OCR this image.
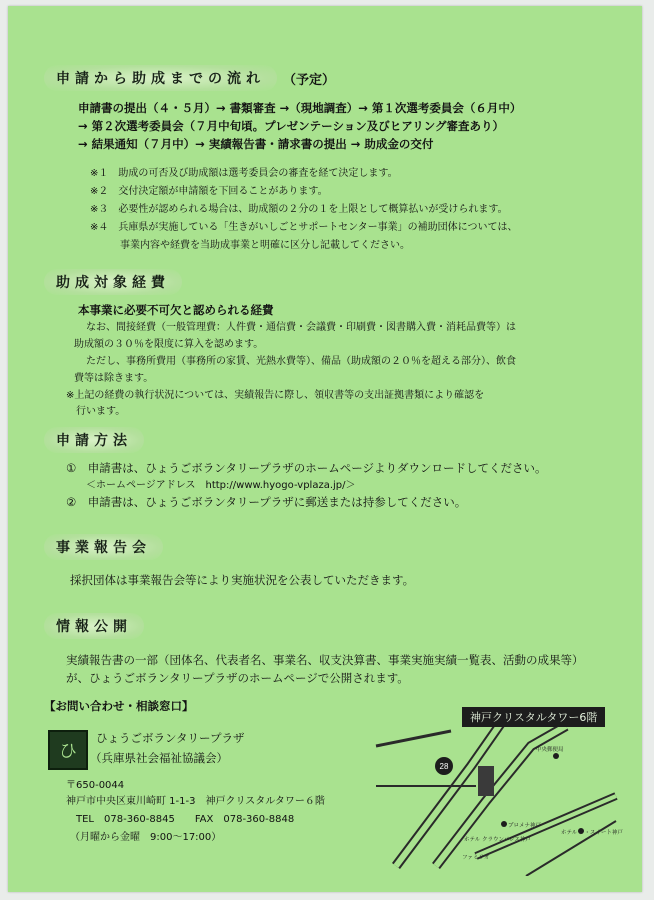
申請から助成までの流れ	（予定）
申請書の提出（４・５月）→ 書類審査 →（現地調査）→ 第１次選考委員会（６月中）
→ 第２次選考委員会（７月中旬頃。プレゼンテーション及びヒアリング審査あり）
→ 結果通知（７月中）→ 実績報告書・請求書の提出 → 助成金の交付
※１　助成の可否及び助成額は選考委員会の審査を経て決定します。
※２　交付決定額が申請額を下回ることがあります。
※３　必要性が認められる場合は、助成額の２分の１を上限として概算払いが受けられます。
※４　兵庫県が実施している「生きがいしごとサポートセンター事業」の補助団体については、
　　　事業内容や経費を当助成事業と明確に区分し記載してください。
助成対象経費
本事業に必要不可欠と認められる経費
なお、間接経費（一般管理費：人件費・通信費・会議費・印刷費・図書購入費・消耗品費等）は
助成額の３０％を限度に算入を認めます。
ただし、事務所費用（事務所の家賃、光熱水費等）、備品（助成額の２０％を超える部分）、飲食
費等は除きます。
※上記の経費の執行状況については、実績報告に際し、領収書等の支出証拠書類により確認を
　行います。
申請方法
①　申請書は、ひょうごボランタリープラザのホームページよりダウンロードしてください。
　　＜ホームページアドレス　http://www.hyogo-vplaza.jp/＞
②　申請書は、ひょうごボランタリープラザに郵送または持参してください。
事業報告会
採択団体は事業報告会等により実施状況を公表していただきます。
情報公開
実績報告書の一部（団体名、代表者名、事業名、収支決算書、事業実施実績一覧表、活動の成果等）
が、ひょうごボランタリープラザのホームページで公開されます。
【お問い合わせ・相談窓口】
ひ
ひょうごボランタリープラザ
（兵庫県社会福祉協議会）
〒650-0044
神戸市中央区東川崎町 1-1-3　神戸クリスタルタワー６階
TEL　078-360-8845　　FAX　078-360-8848
（月曜から金曜　9:00～17:00）
28
ホテル ラ・スイート神戸
プロメナ神戸
ホテル クラウンパレス神戸
ファミリオ
中央郵便局
神戸クリスタルタワー6階
